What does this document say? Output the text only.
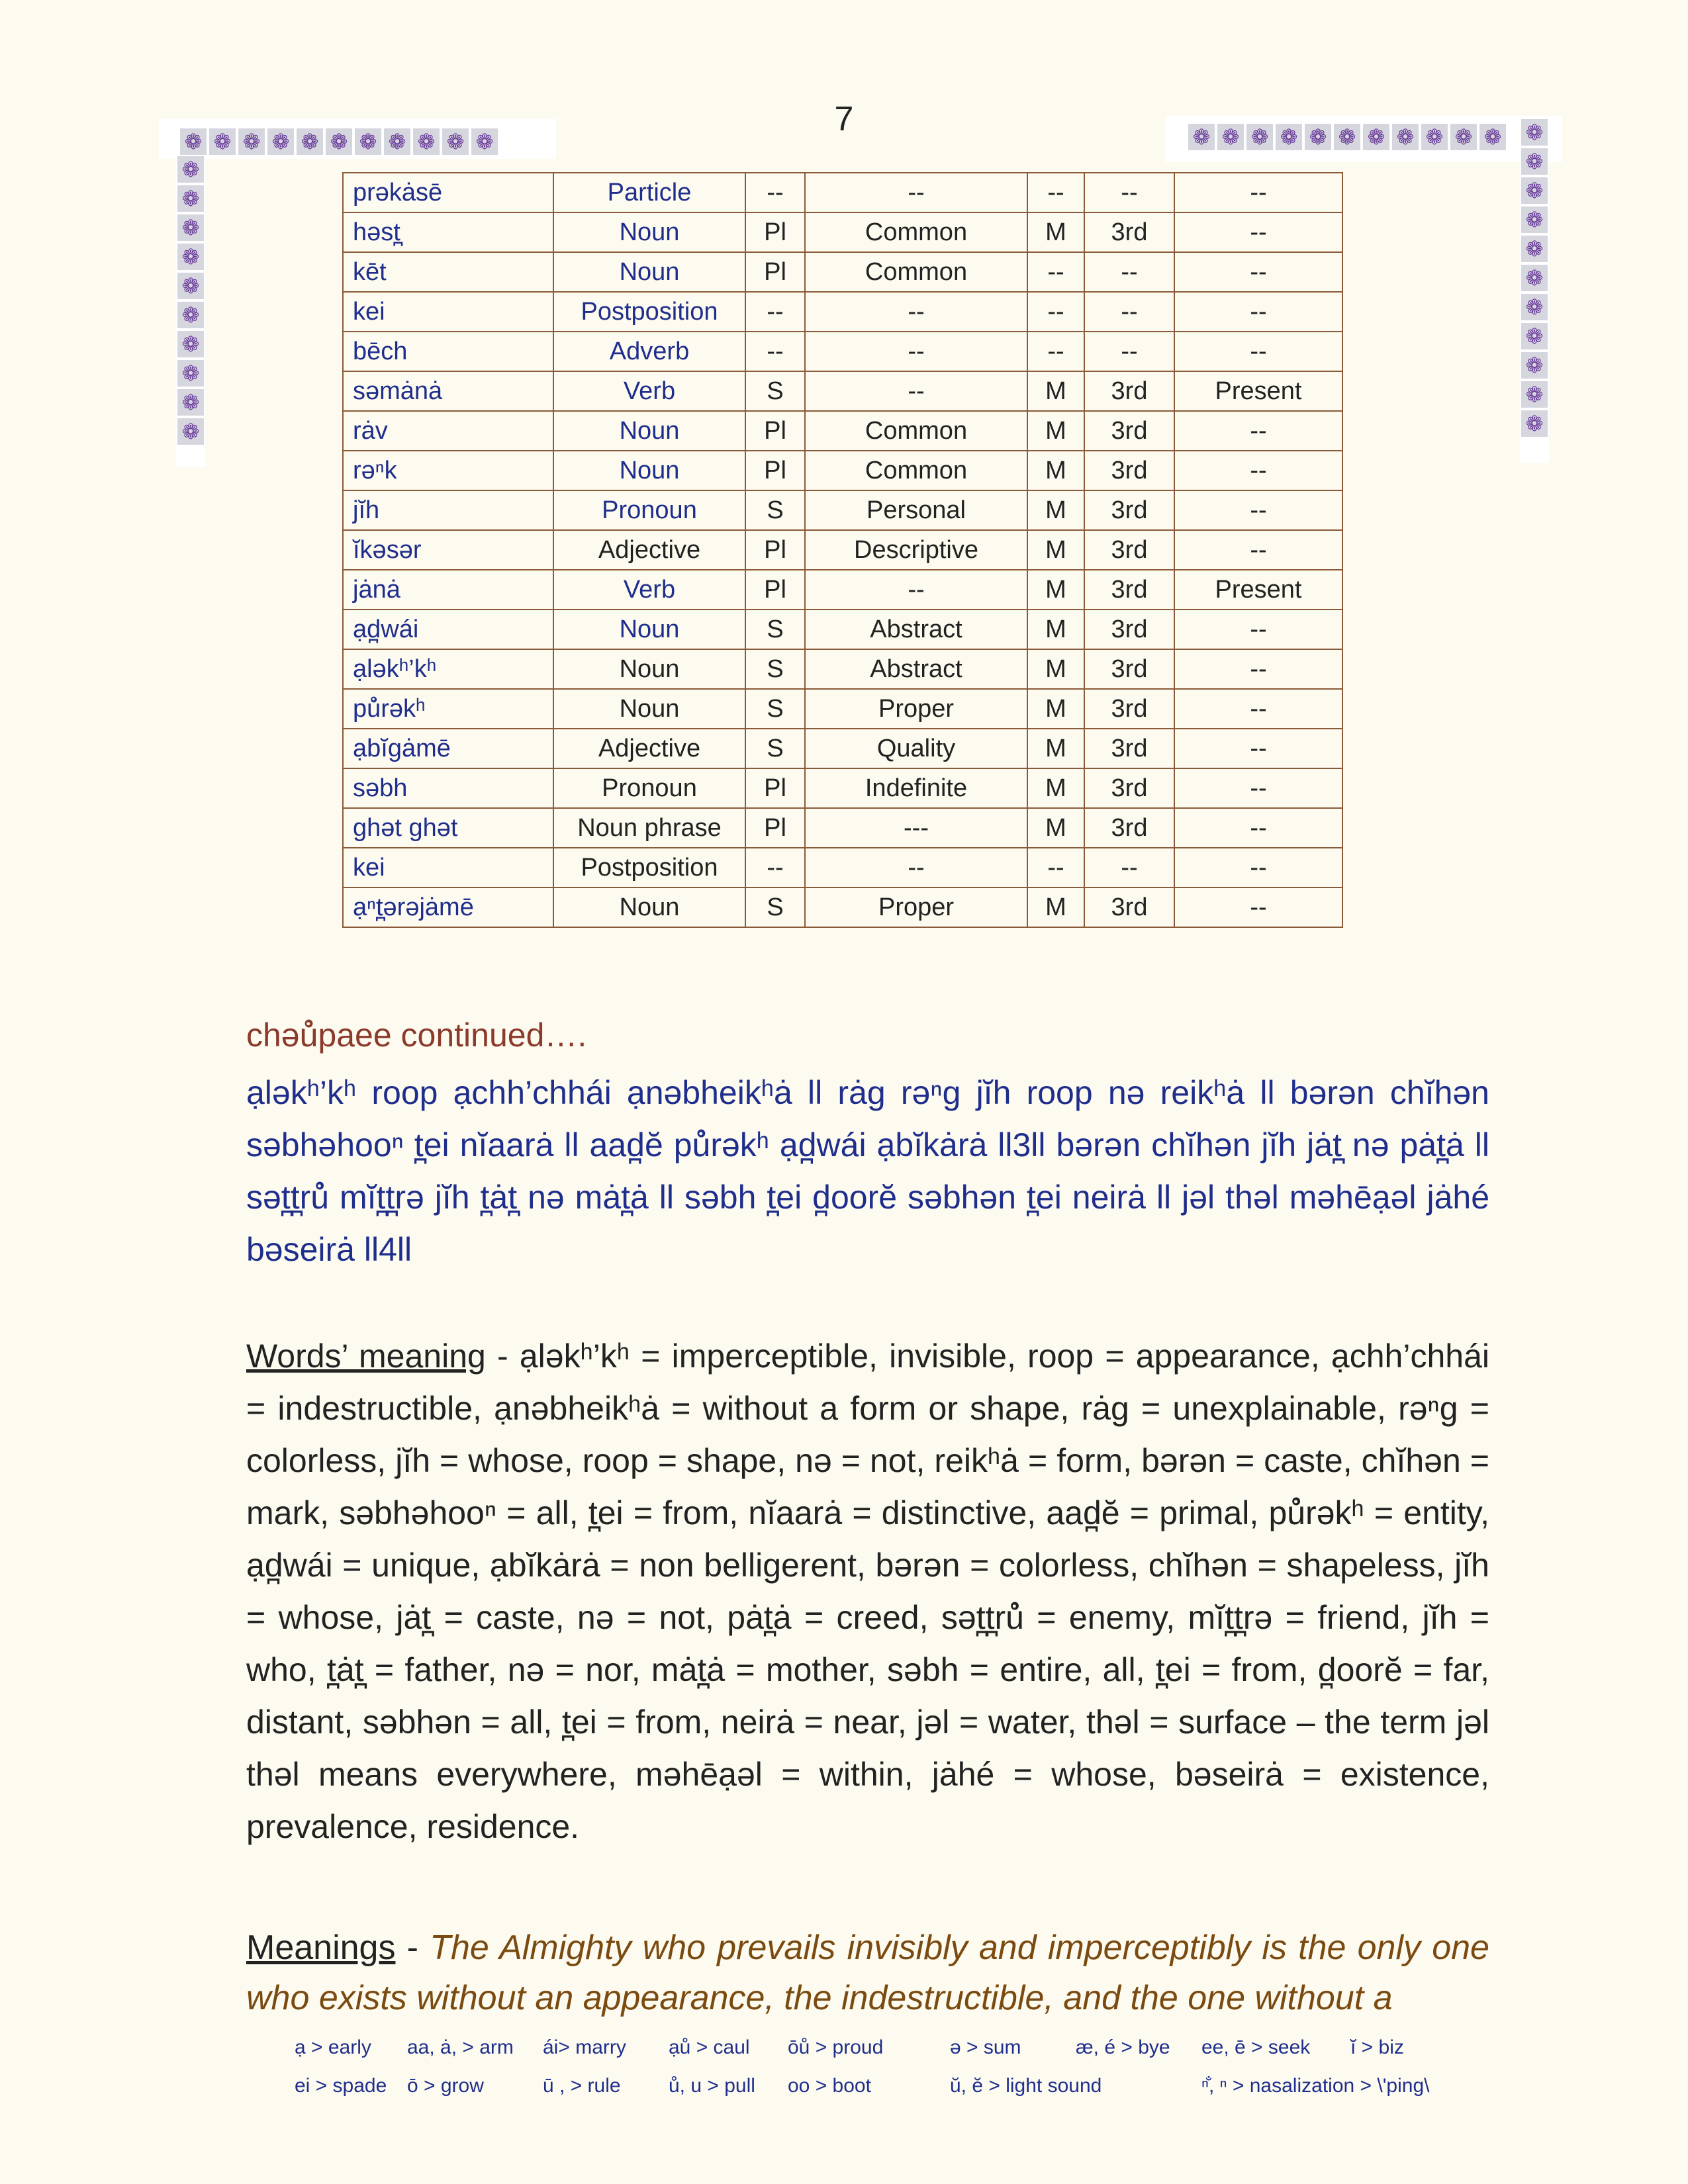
7
❁ ❁ ❁ ❁ ❁ ❁ ❁ ❁ ❁ ❁ ❁
❁
❁
❁
❁
❁
❁
❁
❁
❁
❁
❁ ❁ ❁ ❁ ❁ ❁ ❁ ❁ ❁ ❁ ❁ ❁
❁
❁
❁
❁
❁
❁
❁
❁
❁
❁
prəkȧsē	Particle	--	--	--	--	--
həst̪	Noun	Pl	Common	M	3rd	--
kēt	Noun	Pl	Common	--	--	--
kei	Postposition	--	--	--	--	--
bēch	Adverb	--	--	--	--	--
səmȧnȧ	Verb	S	--	M	3rd	Present
rȧv	Noun	Pl	Common	M	3rd	--
rəⁿk	Noun	Pl	Common	M	3rd	--
jĭh	Pronoun	S	Personal	M	3rd	--
ĭkəsər	Adjective	Pl	Descriptive	M	3rd	--
jȧnȧ	Verb	Pl	--	M	3rd	Present
ạd̪wái	Noun	S	Abstract	M	3rd	--
ạləkʰ’kʰ	Noun	S	Abstract	M	3rd	--
pů̊rəkʰ	Noun	S	Proper	M	3rd	--
ạbĭgȧmē	Adjective	S	Quality	M	3rd	--
səbh	Pronoun	Pl	Indefinite	M	3rd	--
ghət ghət	Noun phrase	Pl	---	M	3rd	--
kei	Postposition	--	--	--	--	--
ạⁿt̪ərəjȧmē	Noun	S	Proper	M	3rd	--
chəů̊paee continued….
ạləkʰ’kʰ roop ạchh’chhái ạnəbheikʰȧ ll rȧg rəⁿg jĭh roop nə reikʰȧ ll bərən chĭhən səbhəhooⁿ t̪ei nĭaarȧ ll aad̪ĕ pů̊rəkʰ ạd̪wái ạbĭkȧrȧ ll3ll bərən chĭhən jĭh jȧt̪ nə pȧt̪ȧ ll sət̪t̪rů̊ mĭt̪t̪rə jĭh t̪ȧt̪ nə mȧt̪ȧ ll səbh t̪ei d̪oorĕ səbhən t̪ei neirȧ ll jəl thəl məhēạəl jȧhé bəseirȧ ll4ll
Words’ meaning - ạləkʰ’kʰ = imperceptible, invisible, roop = appearance, ạchh’chhái = indestructible, ạnəbheikʰȧ = without a form or shape, rȧg = unexplainable, rəⁿg = colorless, jĭh = whose, roop = shape, nə = not, reikʰȧ = form, bərən = caste, chĭhən = mark, səbhəhooⁿ = all, t̪ei = from, nĭaarȧ = distinctive, aad̪ĕ = primal, pů̊rəkʰ = entity, ạd̪wái = unique, ạbĭkȧrȧ = non belligerent, bərən = colorless, chĭhən = shapeless, jĭh = whose, jȧt̪ = caste, nə = not, pȧt̪ȧ = creed, sət̪t̪rů̊ = enemy, mĭt̪t̪rə = friend, jĭh = who, t̪ȧt̪ = father, nə = nor, mȧt̪ȧ = mother, səbh = entire, all, t̪ei = from, d̪oorĕ = far, distant, səbhən = all, t̪ei = from, neirȧ = near, jəl = water, thəl = surface – the term jəl thəl means everywhere, məhēạəl = within, jȧhé = whose, bəseirȧ = existence, prevalence, residence.
Meanings - The Almighty who prevails invisibly and imperceptibly is the only one who exists without an appearance, the indestructible, and the one without a
ạ > early	aa, ȧ, > arm	ái> marry	ạů > caul	ōů > proud	ə > sum	æ, é > bye	ee, ē > seek	ĭ > biz
ei > spade	ō > grow	ū , > rule	ů, u > pull	oo > boot	ŭ, ĕ > light sound	ⁿ̐, ⁿ > nasalization > \'ping\
